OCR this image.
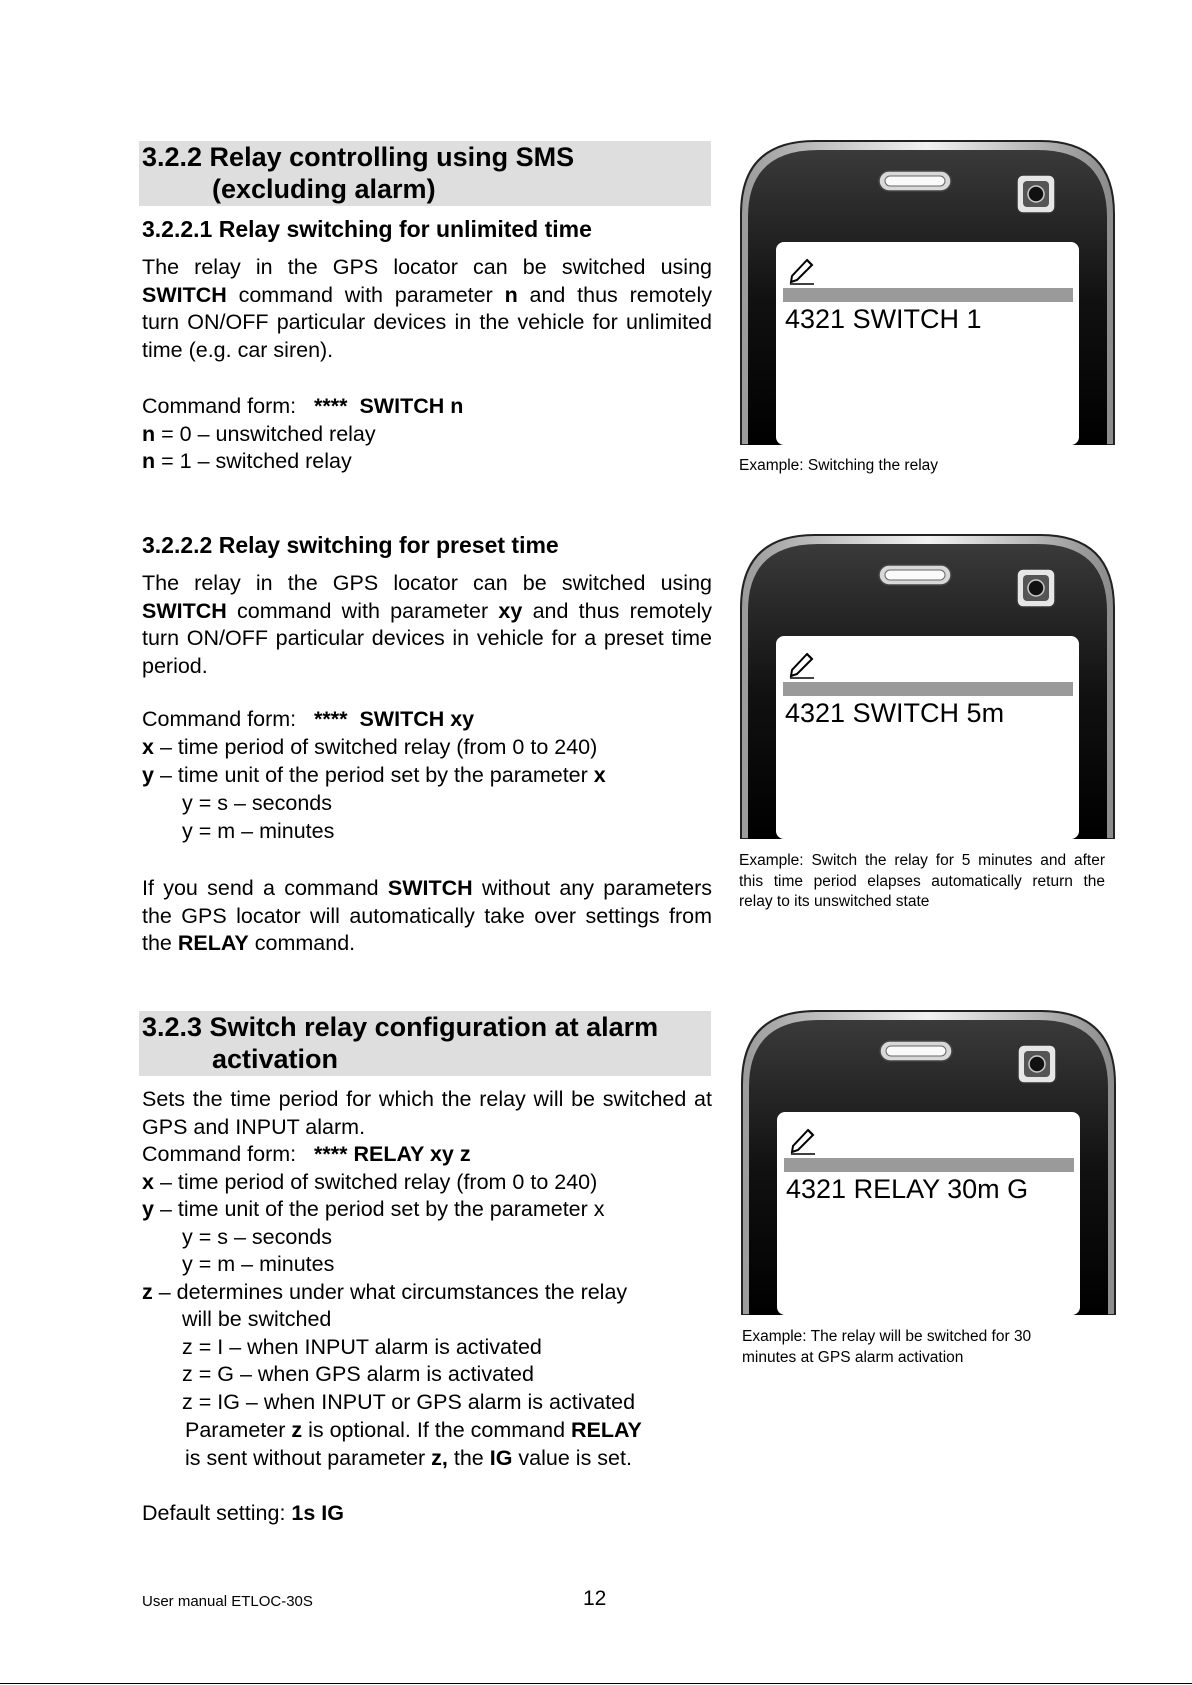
3.2.2 Relay controlling using SMS
(excluding alarm)
3.2.2.1 Relay switching for unlimited time
The relay in the GPS locator can be switched using SWITCH command with parameter n and thus remotely turn ON/OFF particular devices in the vehicle for unlimited time (e.g. car siren).
Command form: ****  SWITCH n
n = 0 – unswitched relay
n = 1 – switched relay
3.2.2.2 Relay switching for preset time
The relay in the GPS locator can be switched using SWITCH command with parameter xy and thus remotely turn ON/OFF particular devices in vehicle for a preset time period.
Command form: ****  SWITCH xy
x – time period of switched relay (from 0 to 240)
y – time unit of the period set by the parameter x
y = s – seconds
y = m – minutes
If you send a command SWITCH without any parameters the GPS locator will automatically take over settings from the RELAY command.
3.2.3 Switch relay configuration at alarm
activation
Sets the time period for which the relay will be switched at GPS and INPUT alarm.
Command form: **** RELAY xy z
x – time period of switched relay (from 0 to 240)
y – time unit of the period set by the parameter x
y = s – seconds
y = m – minutes
z – determines under what circumstances the relay
will be switched
z = I – when INPUT alarm is activated
z = G – when GPS alarm is activated
z = IG – when INPUT or GPS alarm is activated
Parameter z is optional. If the command RELAY
is sent without parameter z, the IG value is set.
Default setting: 1s IG
4321 SWITCH 1
Example: Switching the relay
4321 SWITCH 5m
Example: Switch the relay for 5 minutes and after this time period elapses automatically return the relay to its unswitched state
4321 RELAY 30m G
Example: The relay will be switched for 30 minutes at GPS alarm activation
User manual ETLOC-30S	12
